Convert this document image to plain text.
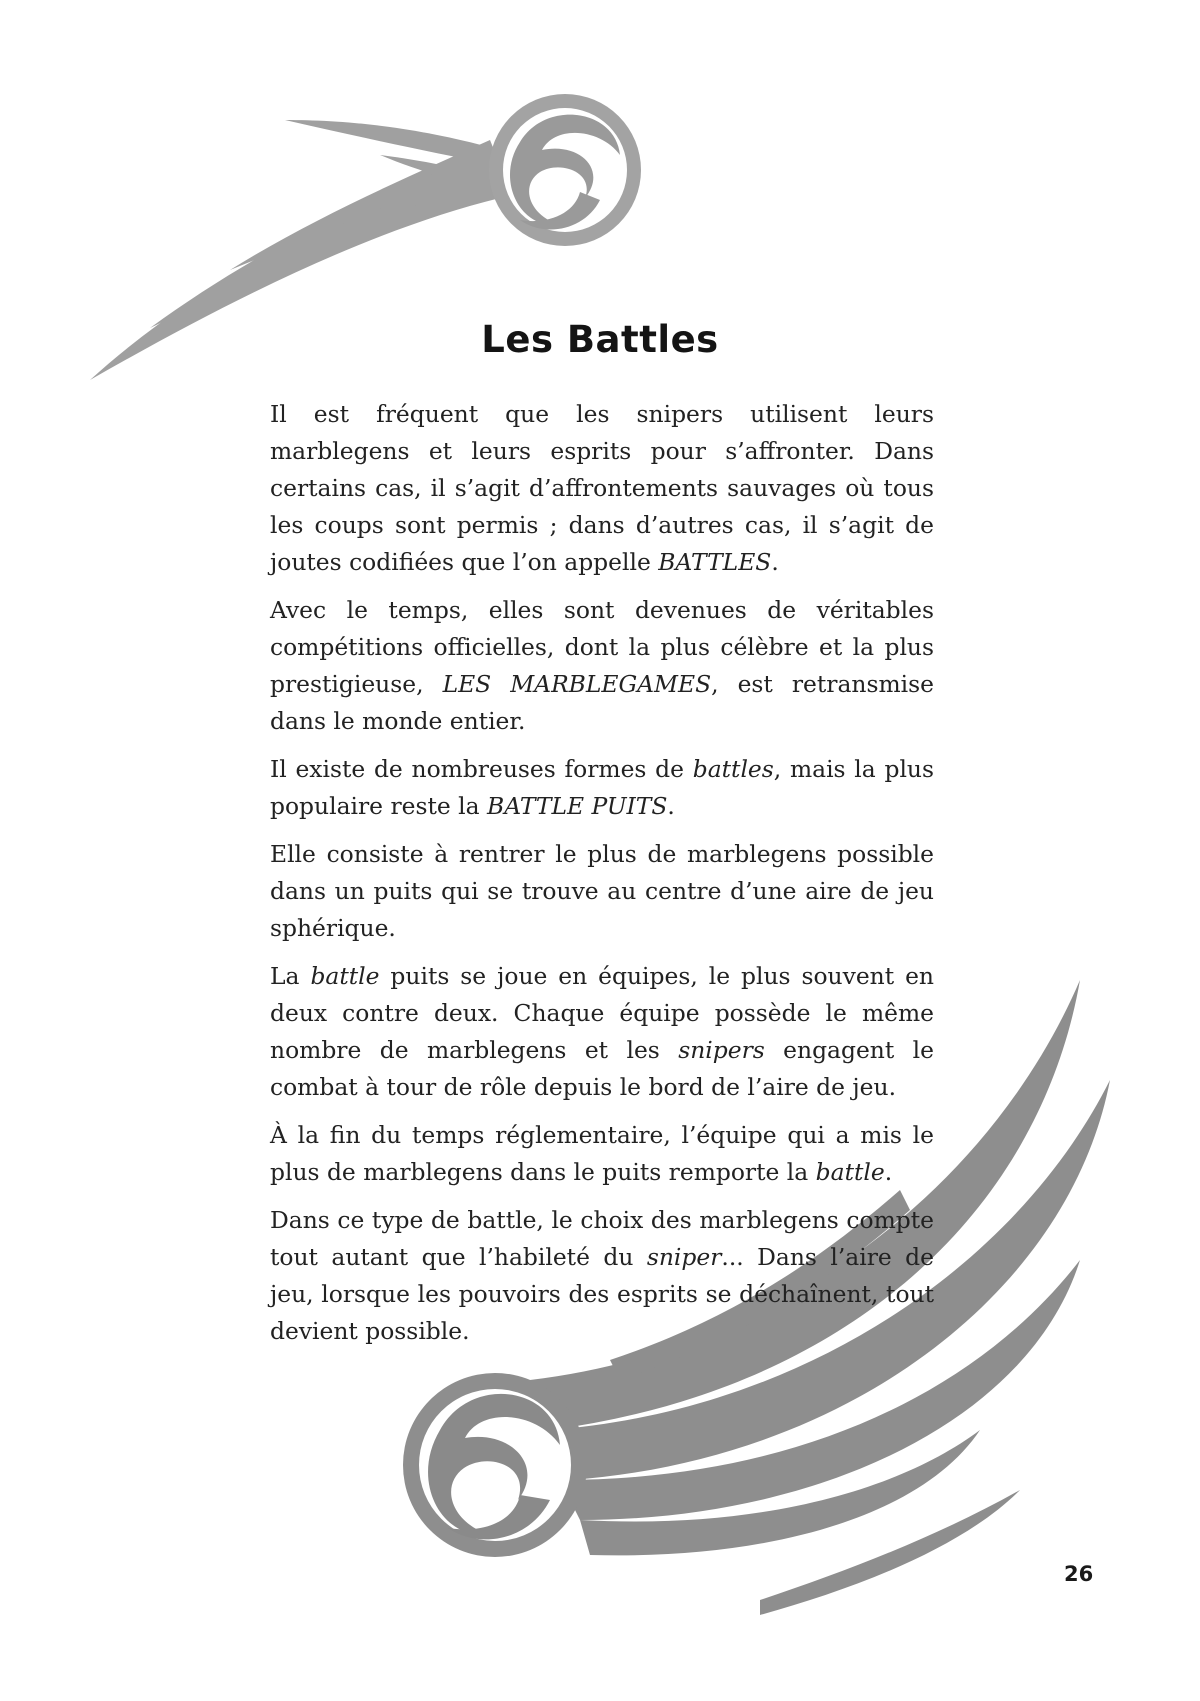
Les Battles

Il est fréquent que les snipers utilisent leurs marblegens et leurs esprits pour s’affronter. Dans certains cas, il s’agit d’affrontements sauvages où tous les coups sont permis ; dans d’autres cas, il s’agit de joutes codifiées que l’on appelle BATTLES.

Avec le temps, elles sont devenues de véritables compétitions officielles, dont la plus célèbre et la plus prestigieuse, LES MARBLEGAMES, est retransmise dans le monde entier.

Il existe de nombreuses formes de battles, mais la plus populaire reste la BATTLE PUITS.

Elle consiste à rentrer le plus de marblegens possible dans un puits qui se trouve au centre d’une aire de jeu sphérique.

La battle puits se joue en équipes, le plus souvent en deux contre deux. Chaque équipe possède le même nombre de marblegens et les snipers engagent le combat à tour de rôle depuis le bord de l’aire de jeu.

À la fin du temps réglementaire, l’équipe qui a mis le plus de marblegens dans le puits remporte la battle.

Dans ce type de battle, le choix des marblegens compte tout autant que l’habileté du sniper... Dans l’aire de jeu, lorsque les pouvoirs des esprits se déchaînent, tout devient possible.

26
